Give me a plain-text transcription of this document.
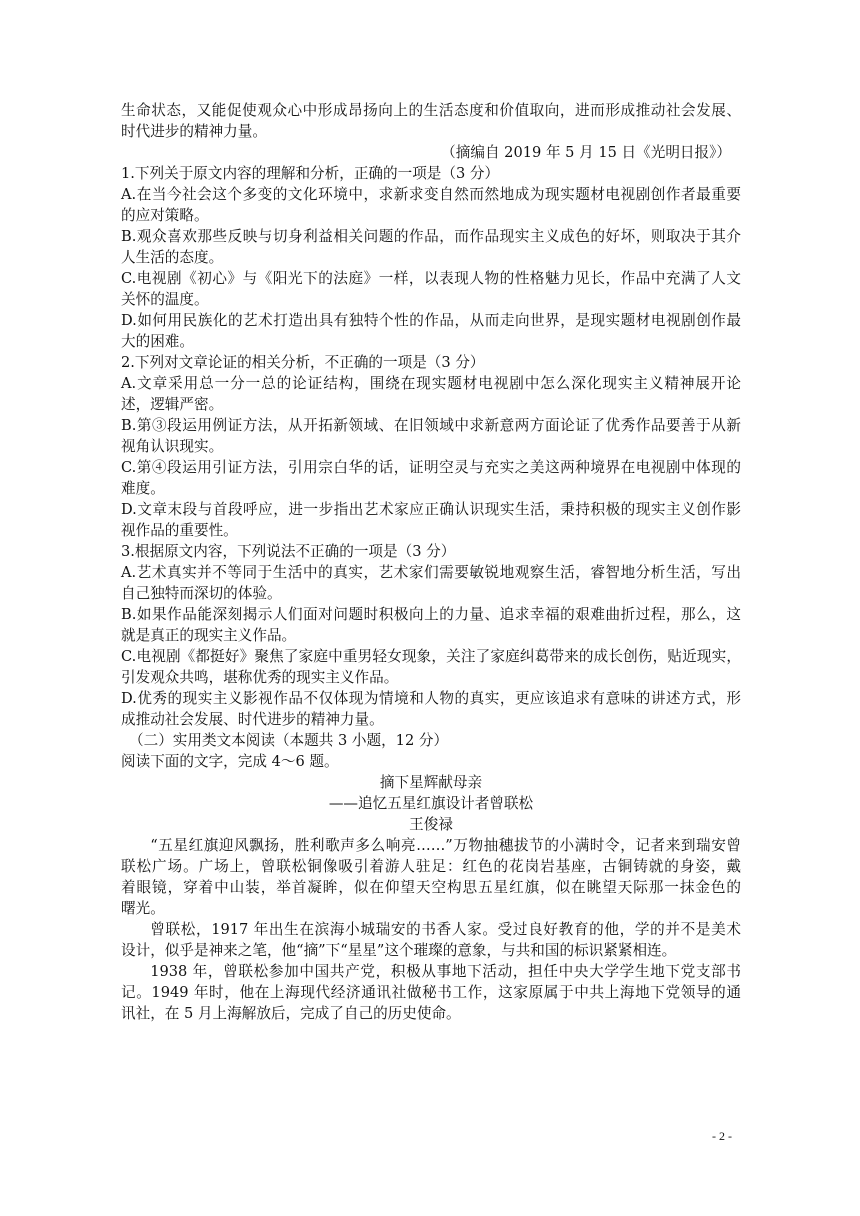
生命状态，又能促使观众心中形成昂扬向上的生活态度和价值取向，进而形成推动社会发展、
时代进步的精神力量。
（摘编自 2019 年 5 月 15 日《光明日报》）
1.下列关于原文内容的理解和分析，正确的一项是（3 分）
A.在当今社会这个多变的文化环境中，求新求变自然而然地成为现实题材电视剧创作者最重要
的应对策略。
B.观众喜欢那些反映与切身利益相关问题的作品，而作品现实主义成色的好坏，则取决于其介
人生活的态度。
C.电视剧《初心》与《阳光下的法庭》一样，以表现人物的性格魅力见长，作品中充满了人文
关怀的温度。
D.如何用民族化的艺术打造出具有独特个性的作品，从而走向世界，是现实题材电视剧创作最
大的困难。
2.下列对文章论证的相关分析，不正确的一项是（3 分）
A.文章采用总一分一总的论证结构，围绕在现实题材电视剧中怎么深化现实主义精神展开论
述，逻辑严密。
B.第③段运用例证方法，从开拓新领域、在旧领域中求新意两方面论证了优秀作品要善于从新
视角认识现实。
C.第④段运用引证方法，引用宗白华的话，证明空灵与充实之美这两种境界在电视剧中体现的
难度。
D.文章末段与首段呼应，进一步指出艺术家应正确认识现实生活，秉持积极的现实主义创作影
视作品的重要性。
3.根据原文内容，下列说法不正确的一项是（3 分）
A.艺术真实并不等同于生活中的真实，艺术家们需要敏锐地观察生活，睿智地分析生活，写出
自己独特而深切的体验。
B.如果作品能深刻揭示人们面对问题时积极向上的力量、追求幸福的艰难曲折过程，那么，这
就是真正的现实主义作品。
C.电视剧《都挺好》聚焦了家庭中重男轻女现象，关注了家庭纠葛带来的成长创伤，贴近现实，
引发观众共鸣，堪称优秀的现实主义作品。
D.优秀的现实主义影视作品不仅体现为情境和人物的真实，更应该追求有意味的讲述方式，形
成推动社会发展、时代进步的精神力量。
（二）实用类文本阅读（本题共 3 小题，12 分）
阅读下面的文字，完成 4～6 题。
摘下星辉献母亲
——追忆五星红旗设计者曾联松
王俊禄
“五星红旗迎风飘扬，胜利歌声多么响亮……”万物抽穗拔节的小满时令，记者来到瑞安曾
联松广场。广场上，曾联松铜像吸引着游人驻足：红色的花岗岩基座，古铜铸就的身姿，戴
着眼镜，穿着中山装，举首凝眸，似在仰望天空构思五星红旗，似在眺望天际那一抹金色的
曙光。
曾联松，1917 年出生在滨海小城瑞安的书香人家。受过良好教育的他，学的并不是美术
设计，似乎是神来之笔，他“摘”下“星星”这个璀璨的意象，与共和国的标识紧紧相连。
1938 年，曾联松参加中国共产党，积极从事地下活动，担任中央大学学生地下党支部书
记。1949 年时，他在上海现代经济通讯社做秘书工作，这家原属于中共上海地下党领导的通
讯社，在 5 月上海解放后，完成了自己的历史使命。
- 2 -
